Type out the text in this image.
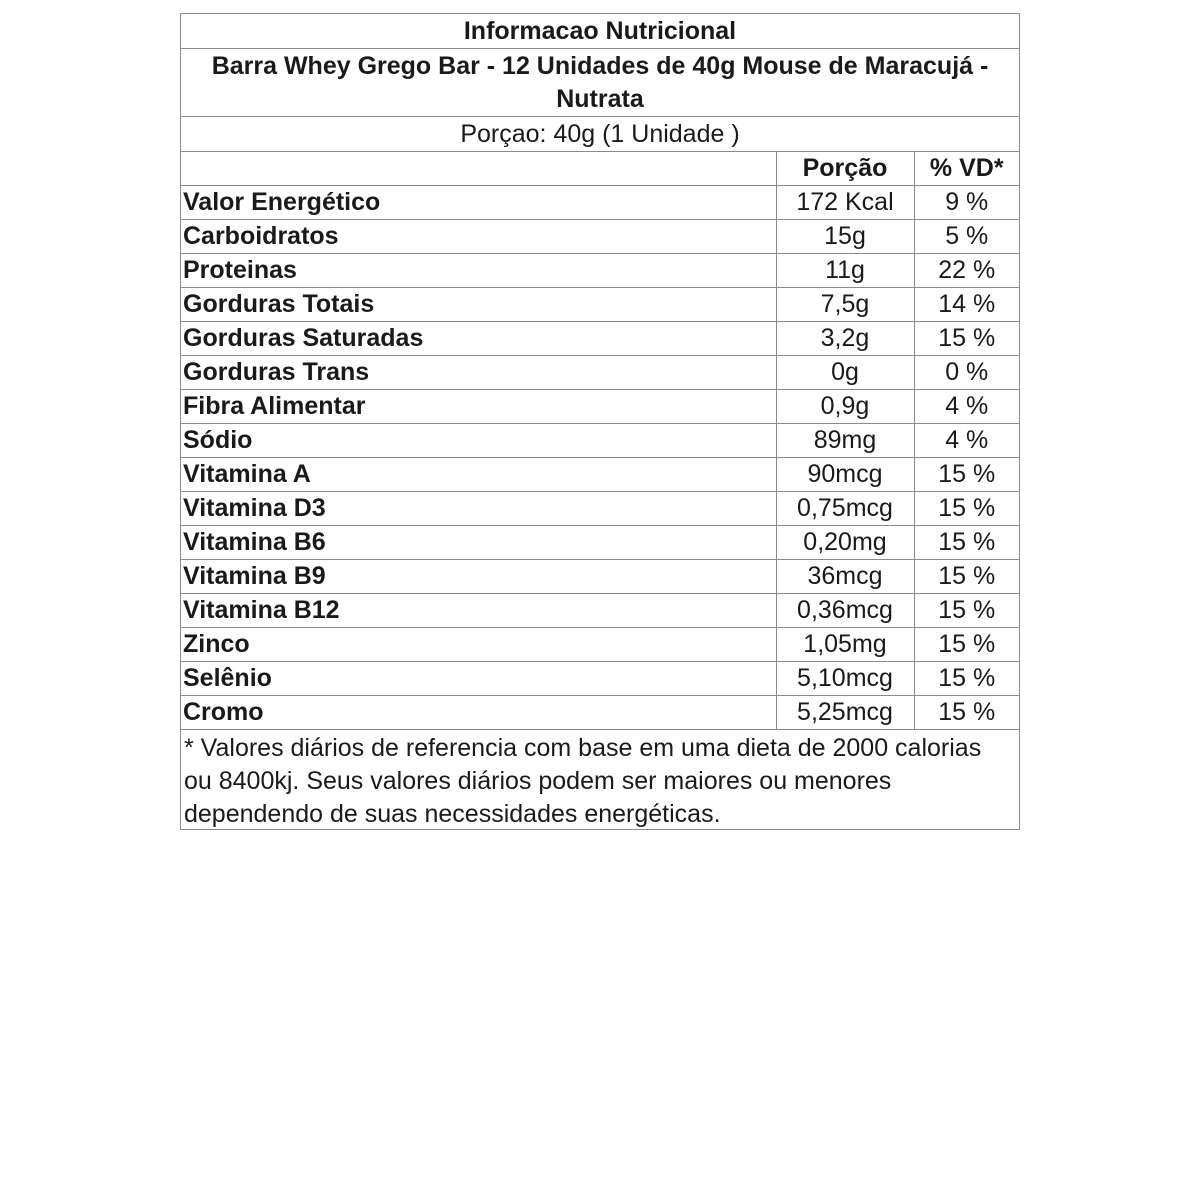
Informacao Nutricional
Barra Whey Grego Bar - 12 Unidades de 40g Mouse de Maracujá - Nutrata
Porçao: 40g (1 Unidade )
	Porção	% VD*
Valor Energético	172 Kcal	9 %
Carboidratos	15g	5 %
Proteinas	11g	22 %
Gorduras Totais	7,5g	14 %
Gorduras Saturadas	3,2g	15 %
Gorduras Trans	0g	0 %
Fibra Alimentar	0,9g	4 %
Sódio	89mg	4 %
Vitamina A	90mcg	15 %
Vitamina D3	0,75mcg	15 %
Vitamina B6	0,20mg	15 %
Vitamina B9	36mcg	15 %
Vitamina B12	0,36mcg	15 %
Zinco	1,05mg	15 %
Selênio	5,10mcg	15 %
Cromo	5,25mcg	15 %
* Valores diários de referencia com base em uma dieta de 2000 calorias ou 8400kj. Seus valores diários podem ser maiores ou menores dependendo de suas necessidades energéticas.
